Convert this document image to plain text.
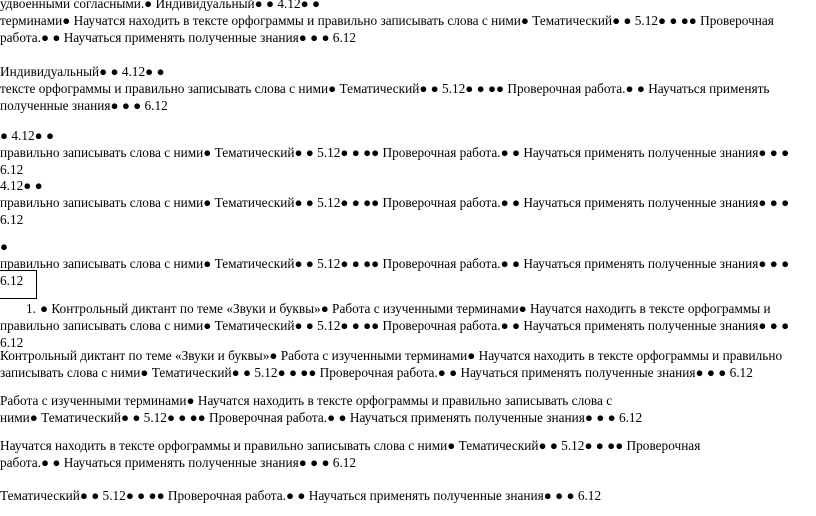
удвоенными согласными.● Индивидуальный● ● 4.12● ●
терминами● Научатся находить в тексте орфограммы и правильно записывать слова с ними● Тематический● ● 5.12● ● ●● Проверочная
работа.● ● Научаться применять полученные знания● ● ● 6.12

Индивидуальный● ● 4.12● ●
тексте орфограммы и правильно записывать слова с ними● Тематический● ● 5.12● ● ●● Проверочная работа.● ● Научаться применять
полученные знания● ● ● 6.12

● 4.12● ●
правильно записывать слова с ними● Тематический● ● 5.12● ● ●● Проверочная работа.● ● Научаться применять полученные знания● ● ● 6.12

4.12● ●
правильно записывать слова с ними● Тематический● ● 5.12● ● ●● Проверочная работа.● ● Научаться применять полученные знания● ● ● 6.12

●
правильно записывать слова с ними● Тематический● ● 5.12● ● ●● Проверочная работа.● ● Научаться применять полученные знания● ● ● 6.12

1. ● Контрольный диктант по теме «Звуки и буквы»● Работа с изученными терминами● Научатся находить в тексте орфограммы и
правильно записывать слова с ними● Тематический● ● 5.12● ● ●● Проверочная работа.● ● Научаться применять полученные знания● ● ● 6.12

Контрольный диктант по теме «Звуки и буквы»● Работа с изученными терминами● Научатся находить в тексте орфограммы и правильно
записывать слова с ними● Тематический● ● 5.12● ● ●● Проверочная работа.● ● Научаться применять полученные знания● ● ● 6.12

Работа с изученными терминами● Научатся находить в тексте орфограммы и правильно записывать слова с
ними● Тематический● ● 5.12● ● ●● Проверочная работа.● ● Научаться применять полученные знания● ● ● 6.12

Научатся находить в тексте орфограммы и правильно записывать слова с ними● Тематический● ● 5.12● ● ●● Проверочная
работа.● ● Научаться применять полученные знания● ● ● 6.12

Тематический● ● 5.12● ● ●● Проверочная работа.● ● Научаться применять полученные знания● ● ● 6.12
